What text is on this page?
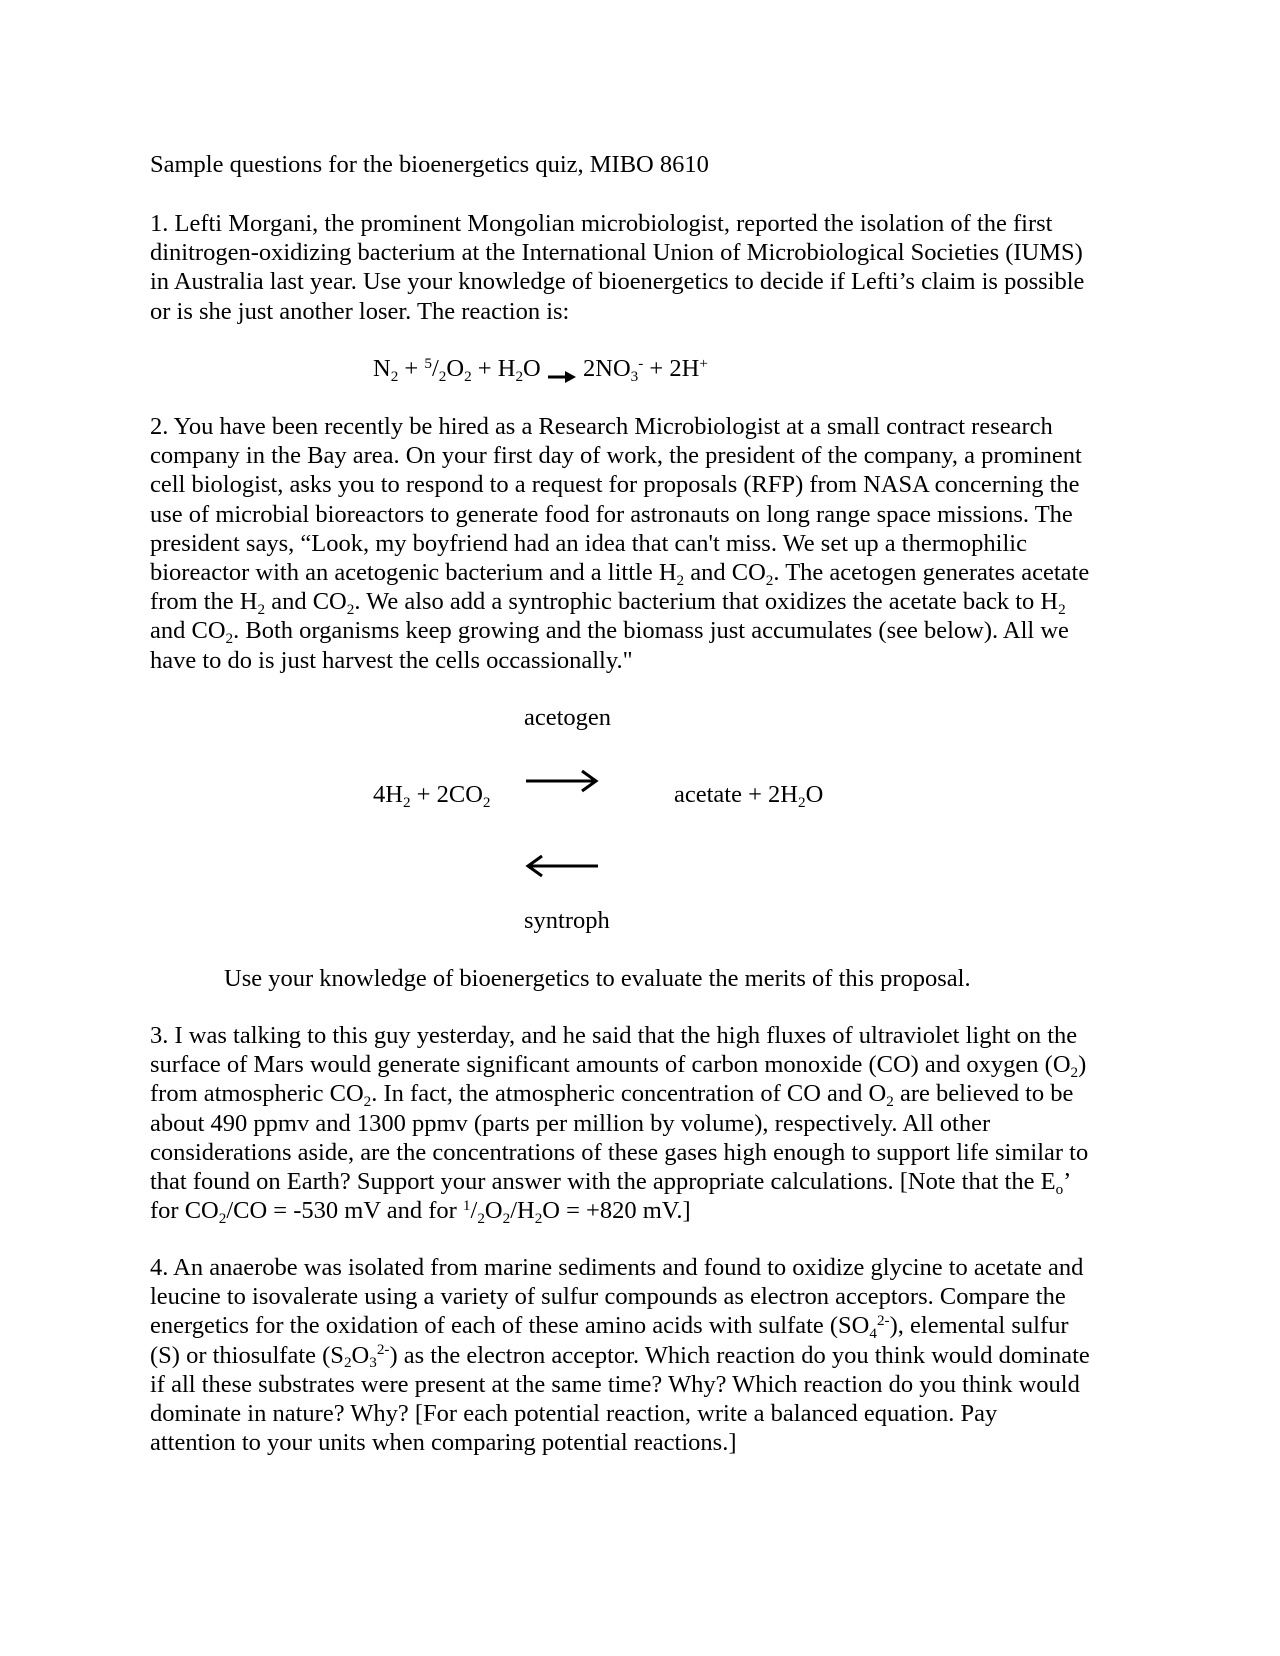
Sample questions for the bioenergetics quiz, MIBO 8610
1. Lefti Morgani, the prominent Mongolian microbiologist, reported the isolation of the first
dinitrogen-oxidizing bacterium at the International Union of Microbiological Societies (IUMS)
in Australia last year. Use your knowledge of bioenergetics to decide if Lefti’s claim is possible
or is she just another loser. The reaction is:
$N_2 + ^5/_2O_2 + H_2O \to 2NO_3^- + 2H^+$
2. You have been recently be hired as a Research Microbiologist at a small contract research
company in the Bay area. On your first day of work, the president of the company, a prominent
cell biologist, asks you to respond to a request for proposals (RFP) from NASA concerning the
use of microbial bioreactors to generate food for astronauts on long range space missions. The
president says, “Look, my boyfriend had an idea that can't miss. We set up a thermophilic
bioreactor with an acetogenic bacterium and a little $H_2$ and $CO_2$. The acetogen generates acetate
from the $H_2$ and $CO_2$. We also add a syntrophic bacterium that oxidizes the acetate back to $H_2$
and $CO_2$. Both organisms keep growing and the biomass just accumulates (see below). All we
have to do is just harvest the cells occassionally."
acetogen
$4H_2 + 2CO_2$	acetate + $2H_2O$
syntroph
Use your knowledge of bioenergetics to evaluate the merits of this proposal.
3. I was talking to this guy yesterday, and he said that the high fluxes of ultraviolet light on the
surface of Mars would generate significant amounts of carbon monoxide (CO) and oxygen $(O_2)$
from atmospheric $CO_2$. In fact, the atmospheric concentration of CO and $O_2$ are believed to be
about 490 ppmv and 1300 ppmv (parts per million by volume), respectively. All other
considerations aside, are the concentrations of these gases high enough to support life similar to
that found on Earth? Support your answer with the appropriate calculations. [Note that the $E_o$’
for $CO_2/CO = -530$ mV and for $^1/_2O_2/H_2O = +820$ mV.]
4. An anaerobe was isolated from marine sediments and found to oxidize glycine to acetate and
leucine to isovalerate using a variety of sulfur compounds as electron acceptors. Compare the
energetics for the oxidation of each of these amino acids with sulfate $(SO_4^{2-})$, elemental sulfur
(S) or thiosulfate $(S_2O_3^{2-})$ as the electron acceptor. Which reaction do you think would dominate
if all these substrates were present at the same time? Why? Which reaction do you think would
dominate in nature? Why? [For each potential reaction, write a balanced equation. Pay
attention to your units when comparing potential reactions.]
